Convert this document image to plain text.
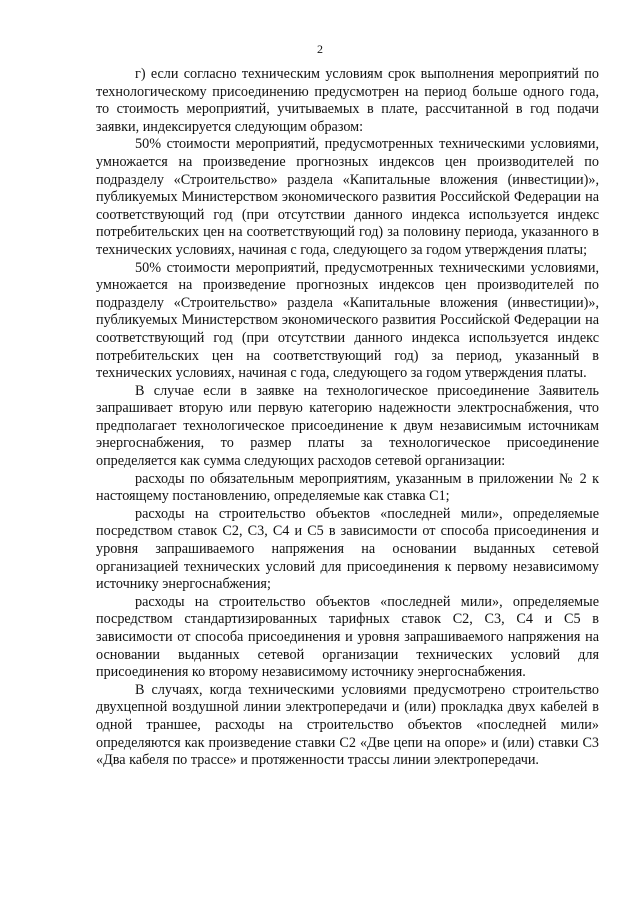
2

г) если согласно техническим условиям срок выполнения мероприятий по технологическому присоединению предусмотрен на период больше одного года, то стоимость мероприятий, учитываемых в плате, рассчитанной в год подачи заявки, индексируется следующим образом:

50% стоимости мероприятий, предусмотренных техническими условиями, умножается на произведение прогнозных индексов цен производителей по подразделу «Строительство» раздела «Капитальные вложения (инвестиции)», публикуемых Министерством экономического развития Российской Федерации на соответствующий год (при отсутствии данного индекса используется индекс потребительских цен на соответствующий год) за половину периода, указанного в технических условиях, начиная с года, следующего за годом утверждения платы;

50% стоимости мероприятий, предусмотренных техническими условиями, умножается на произведение прогнозных индексов цен производителей по подразделу «Строительство» раздела «Капитальные вложения (инвестиции)», публикуемых Министерством экономического развития Российской Федерации на соответствующий год (при отсутствии данного индекса используется индекс потребительских цен на соответствующий год) за период, указанный в технических условиях, начиная с года, следующего за годом утверждения платы.

В случае если в заявке на технологическое присоединение Заявитель запрашивает вторую или первую категорию надежности электроснабжения, что предполагает технологическое присоединение к двум независимым источникам энергоснабжения, то размер платы за технологическое присоединение определяется как сумма следующих расходов сетевой организации:

расходы по обязательным мероприятиям, указанным в приложении № 2 к настоящему постановлению, определяемые как ставка С1;

расходы на строительство объектов «последней мили», определяемые посредством ставок С2, С3, С4 и С5 в зависимости от способа присоединения и уровня запрашиваемого напряжения на основании выданных сетевой организацией технических условий для присоединения к первому независимому источнику энергоснабжения;

расходы на строительство объектов «последней мили», определяемые посредством стандартизированных тарифных ставок С2, С3, С4 и С5 в зависимости от способа присоединения и уровня запрашиваемого напряжения на основании выданных сетевой организации технических условий для присоединения ко второму независимому источнику энергоснабжения.

В случаях, когда техническими условиями предусмотрено строительство двухцепной воздушной линии электропередачи и (или) прокладка двух кабелей в одной траншее, расходы на строительство объектов «последней мили» определяются как произведение ставки С2 «Две цепи на опоре» и (или) ставки С3 «Два кабеля по трассе» и протяженности трассы линии электропередачи.
